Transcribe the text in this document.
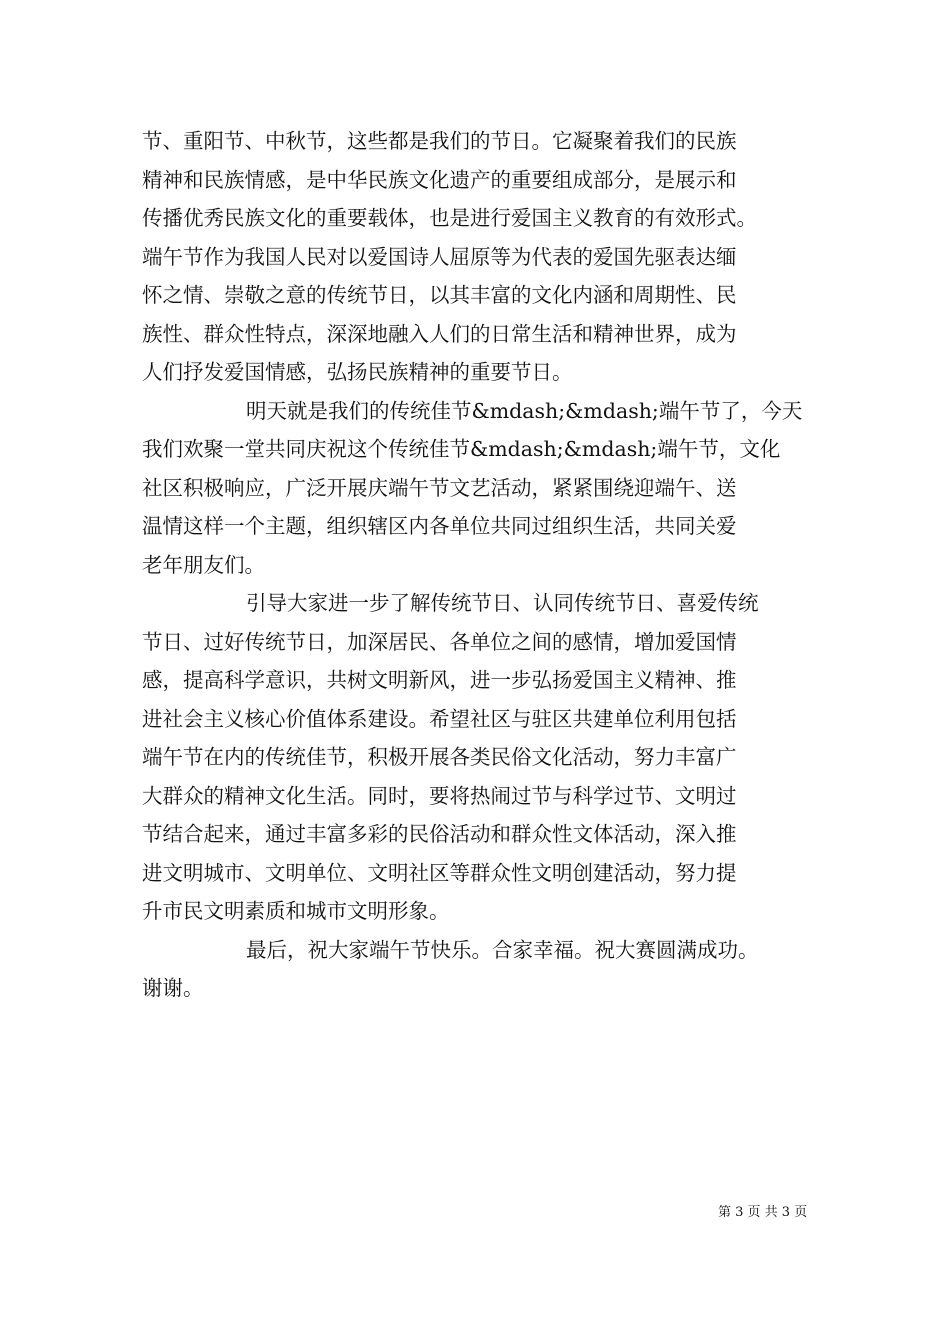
节、重阳节、中秋节，这些都是我们的节日。它凝聚着我们的民族
精神和民族情感，是中华民族文化遗产的重要组成部分，是展示和
传播优秀民族文化的重要载体，也是进行爱国主义教育的有效形式。
端午节作为我国人民对以爱国诗人屈原等为代表的爱国先驱表达缅
怀之情、崇敬之意的传统节日，以其丰富的文化内涵和周期性、民
族性、群众性特点，深深地融入人们的日常生活和精神世界，成为
人们抒发爱国情感，弘扬民族精神的重要节日。
明天就是我们的传统佳节&mdash;&mdash;端午节了，今天
我们欢聚一堂共同庆祝这个传统佳节&mdash;&mdash;端午节，文化
社区积极响应，广泛开展庆端午节文艺活动，紧紧围绕迎端午、送
温情这样一个主题，组织辖区内各单位共同过组织生活，共同关爱
老年朋友们。
引导大家进一步了解传统节日、认同传统节日、喜爱传统
节日、过好传统节日，加深居民、各单位之间的感情，增加爱国情
感，提高科学意识，共树文明新风，进一步弘扬爱国主义精神、推
进社会主义核心价值体系建设。希望社区与驻区共建单位利用包括
端午节在内的传统佳节，积极开展各类民俗文化活动，努力丰富广
大群众的精神文化生活。同时，要将热闹过节与科学过节、文明过
节结合起来，通过丰富多彩的民俗活动和群众性文体活动，深入推
进文明城市、文明单位、文明社区等群众性文明创建活动，努力提
升市民文明素质和城市文明形象。
最后，祝大家端午节快乐。合家幸福。祝大赛圆满成功。
谢谢。
第 3 页 共 3 页
